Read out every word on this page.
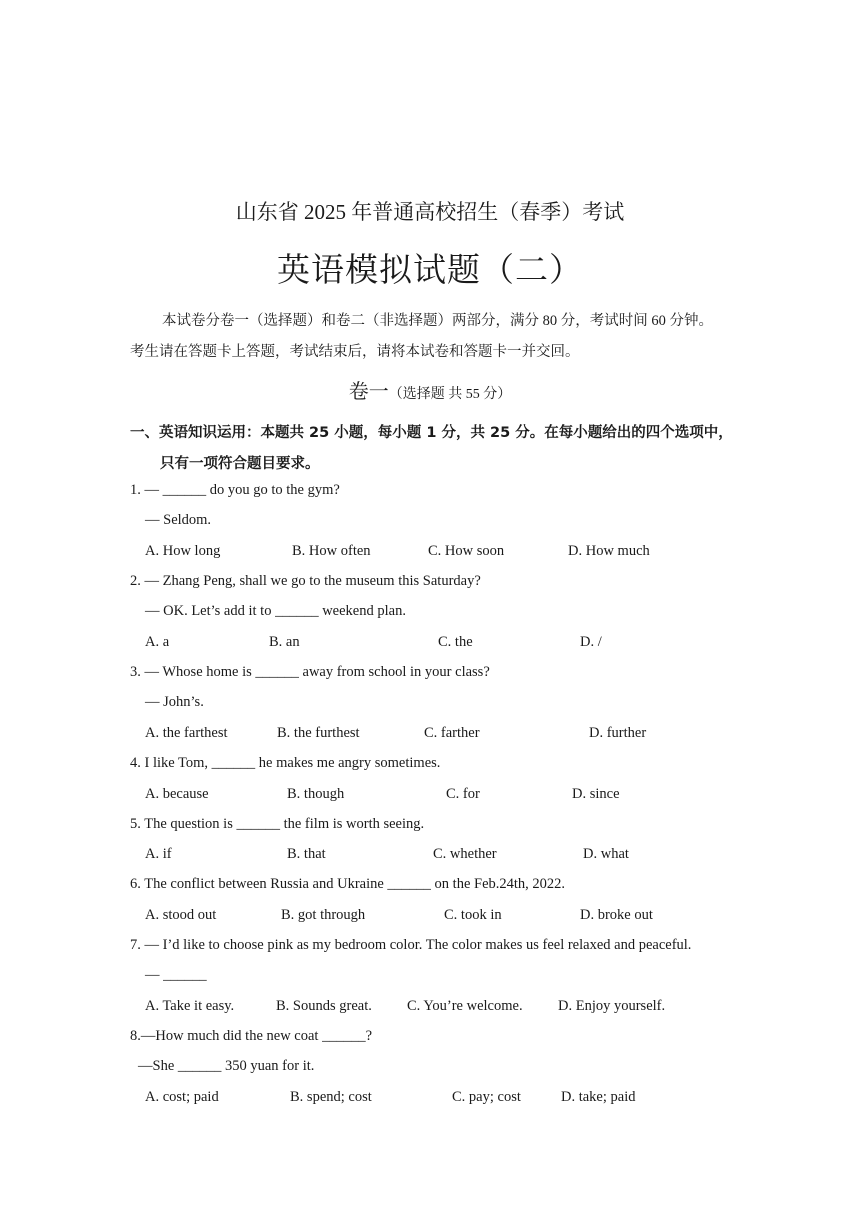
山东省 2025 年普通高校招生（春季）考试
英语模拟试题（二）
本试卷分卷一（选择题）和卷二（非选择题）两部分，满分 80 分，考试时间 60 分钟。
考生请在答题卡上答题，考试结束后，请将本试卷和答题卡一并交回。
卷一（选择题 共 55 分）
一、英语知识运用：本题共 25 小题，每小题 1 分，共 25 分。在每小题给出的四个选项中，
只有一项符合题目要求。
1. — ______ do you go to the gym?
— Seldom.
A. How long	B. How often	C. How soon	D. How much
2. — Zhang Peng, shall we go to the museum this Saturday?
— OK. Let’s add it to ______ weekend plan.
A. a	B. an	C. the	D. /
3. — Whose home is ______ away from school in your class?
— John’s.
A. the farthest	B. the furthest	C. farther	D. further
4. I like Tom, ______ he makes me angry sometimes.
A. because	B. though	C. for	D. since
5. The question is ______ the film is worth seeing.
A. if	B. that	C. whether	D. what
6. The conflict between Russia and Ukraine ______ on the Feb.24th, 2022.
A. stood out	B. got through	C. took in	D. broke out
7. — I’d like to choose pink as my bedroom color. The color makes us feel relaxed and peaceful.
— ______
A. Take it easy.	B. Sounds great. C. You’re welcome. D. Enjoy yourself.
8.—How much did the new coat ______?
—She ______ 350 yuan for it.
A. cost; paid	B. spend; cost	C. pay; cost	D. take; paid
